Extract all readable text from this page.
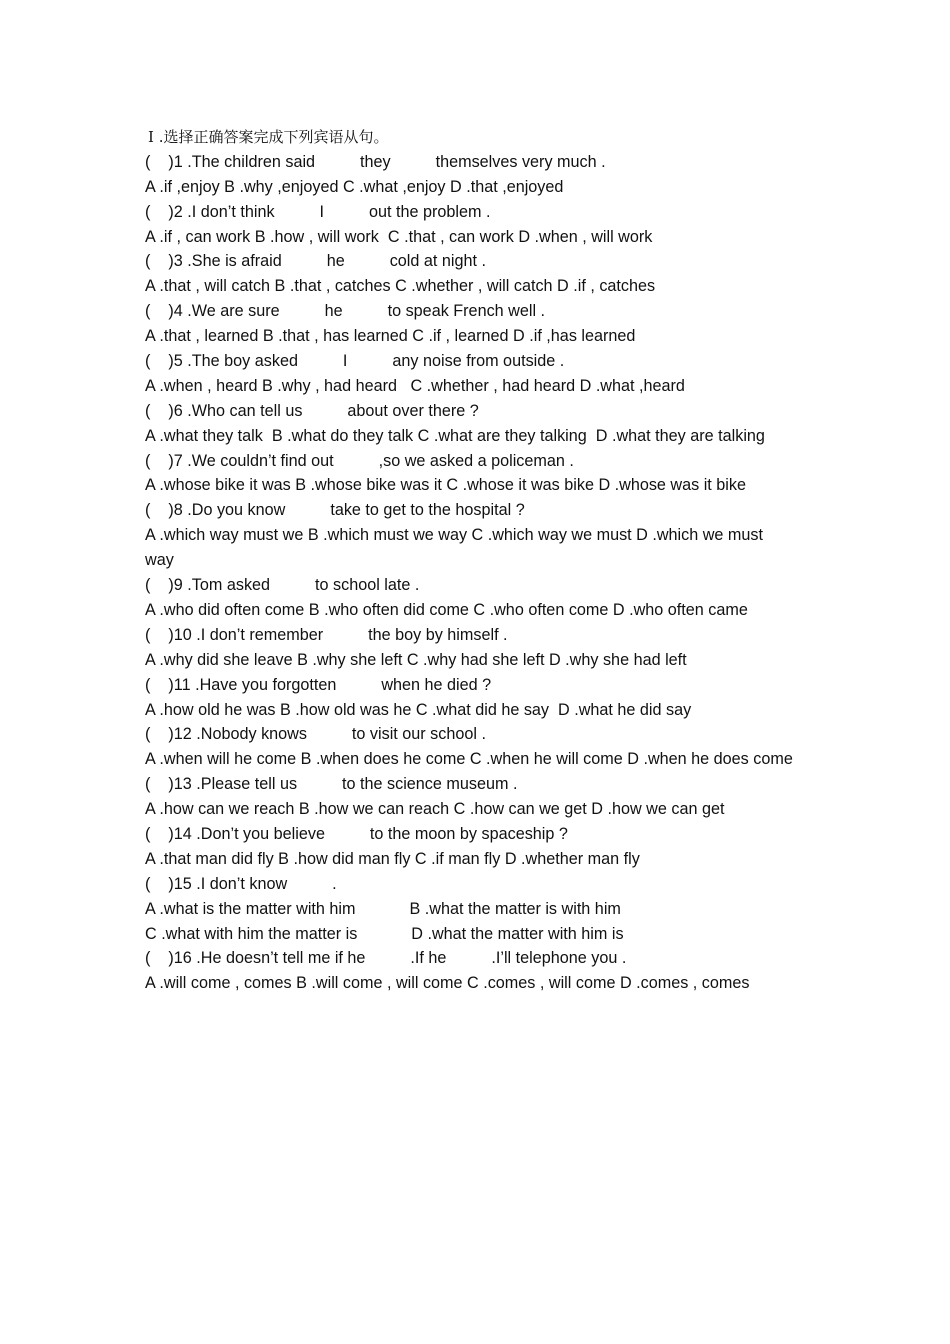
Ⅰ .选择正确答案完成下列宾语从句。
(    )1 .The children said          they          themselves very much .
A .if ,enjoy B .why ,enjoyed C .what ,enjoy D .that ,enjoyed
(    )2 .I don’t think          I          out the problem .
A .if , can work B .how , will work  C .that , can work D .when , will work
(    )3 .She is afraid          he          cold at night .
A .that , will catch B .that , catches C .whether , will catch D .if , catches
(    )4 .We are sure          he          to speak French well .
A .that , learned B .that , has learned C .if , learned D .if ,has learned
(    )5 .The boy asked          I          any noise from outside .
A .when , heard B .why , had heard   C .whether , had heard D .what ,heard
(    )6 .Who can tell us          about over there ?
A .what they talk  B .what do they talk C .what are they talking  D .what they are talking
(    )7 .We couldn’t find out          ,so we asked a policeman .
A .whose bike it was B .whose bike was it C .whose it was bike D .whose was it bike
(    )8 .Do you know          take to get to the hospital ?
A .which way must we B .which must we way C .which way we must D .which we must way
(    )9 .Tom asked          to school late .
A .who did often come B .who often did come C .who often come D .who often came
(    )10 .I don’t remember          the boy by himself .
A .why did she leave B .why she left C .why had she left D .why she had left
(    )11 .Have you forgotten          when he died ?
A .how old he was B .how old was he C .what did he say  D .what he did say
(    )12 .Nobody knows          to visit our school .
A .when will he come B .when does he come C .when he will come D .when he does come
(    )13 .Please tell us          to the science museum .
A .how can we reach B .how we can reach C .how can we get D .how we can get
(    )14 .Don’t you believe          to the moon by spaceship ?
A .that man did fly B .how did man fly C .if man fly D .whether man fly
(    )15 .I don’t know          .
A .what is the matter with him            B .what the matter is with him
C .what with him the matter is            D .what the matter with him is
(    )16 .He doesn’t tell me if he          .If he          .I’ll telephone you .
A .will come , comes B .will come , will come C .comes , will come D .comes , comes
